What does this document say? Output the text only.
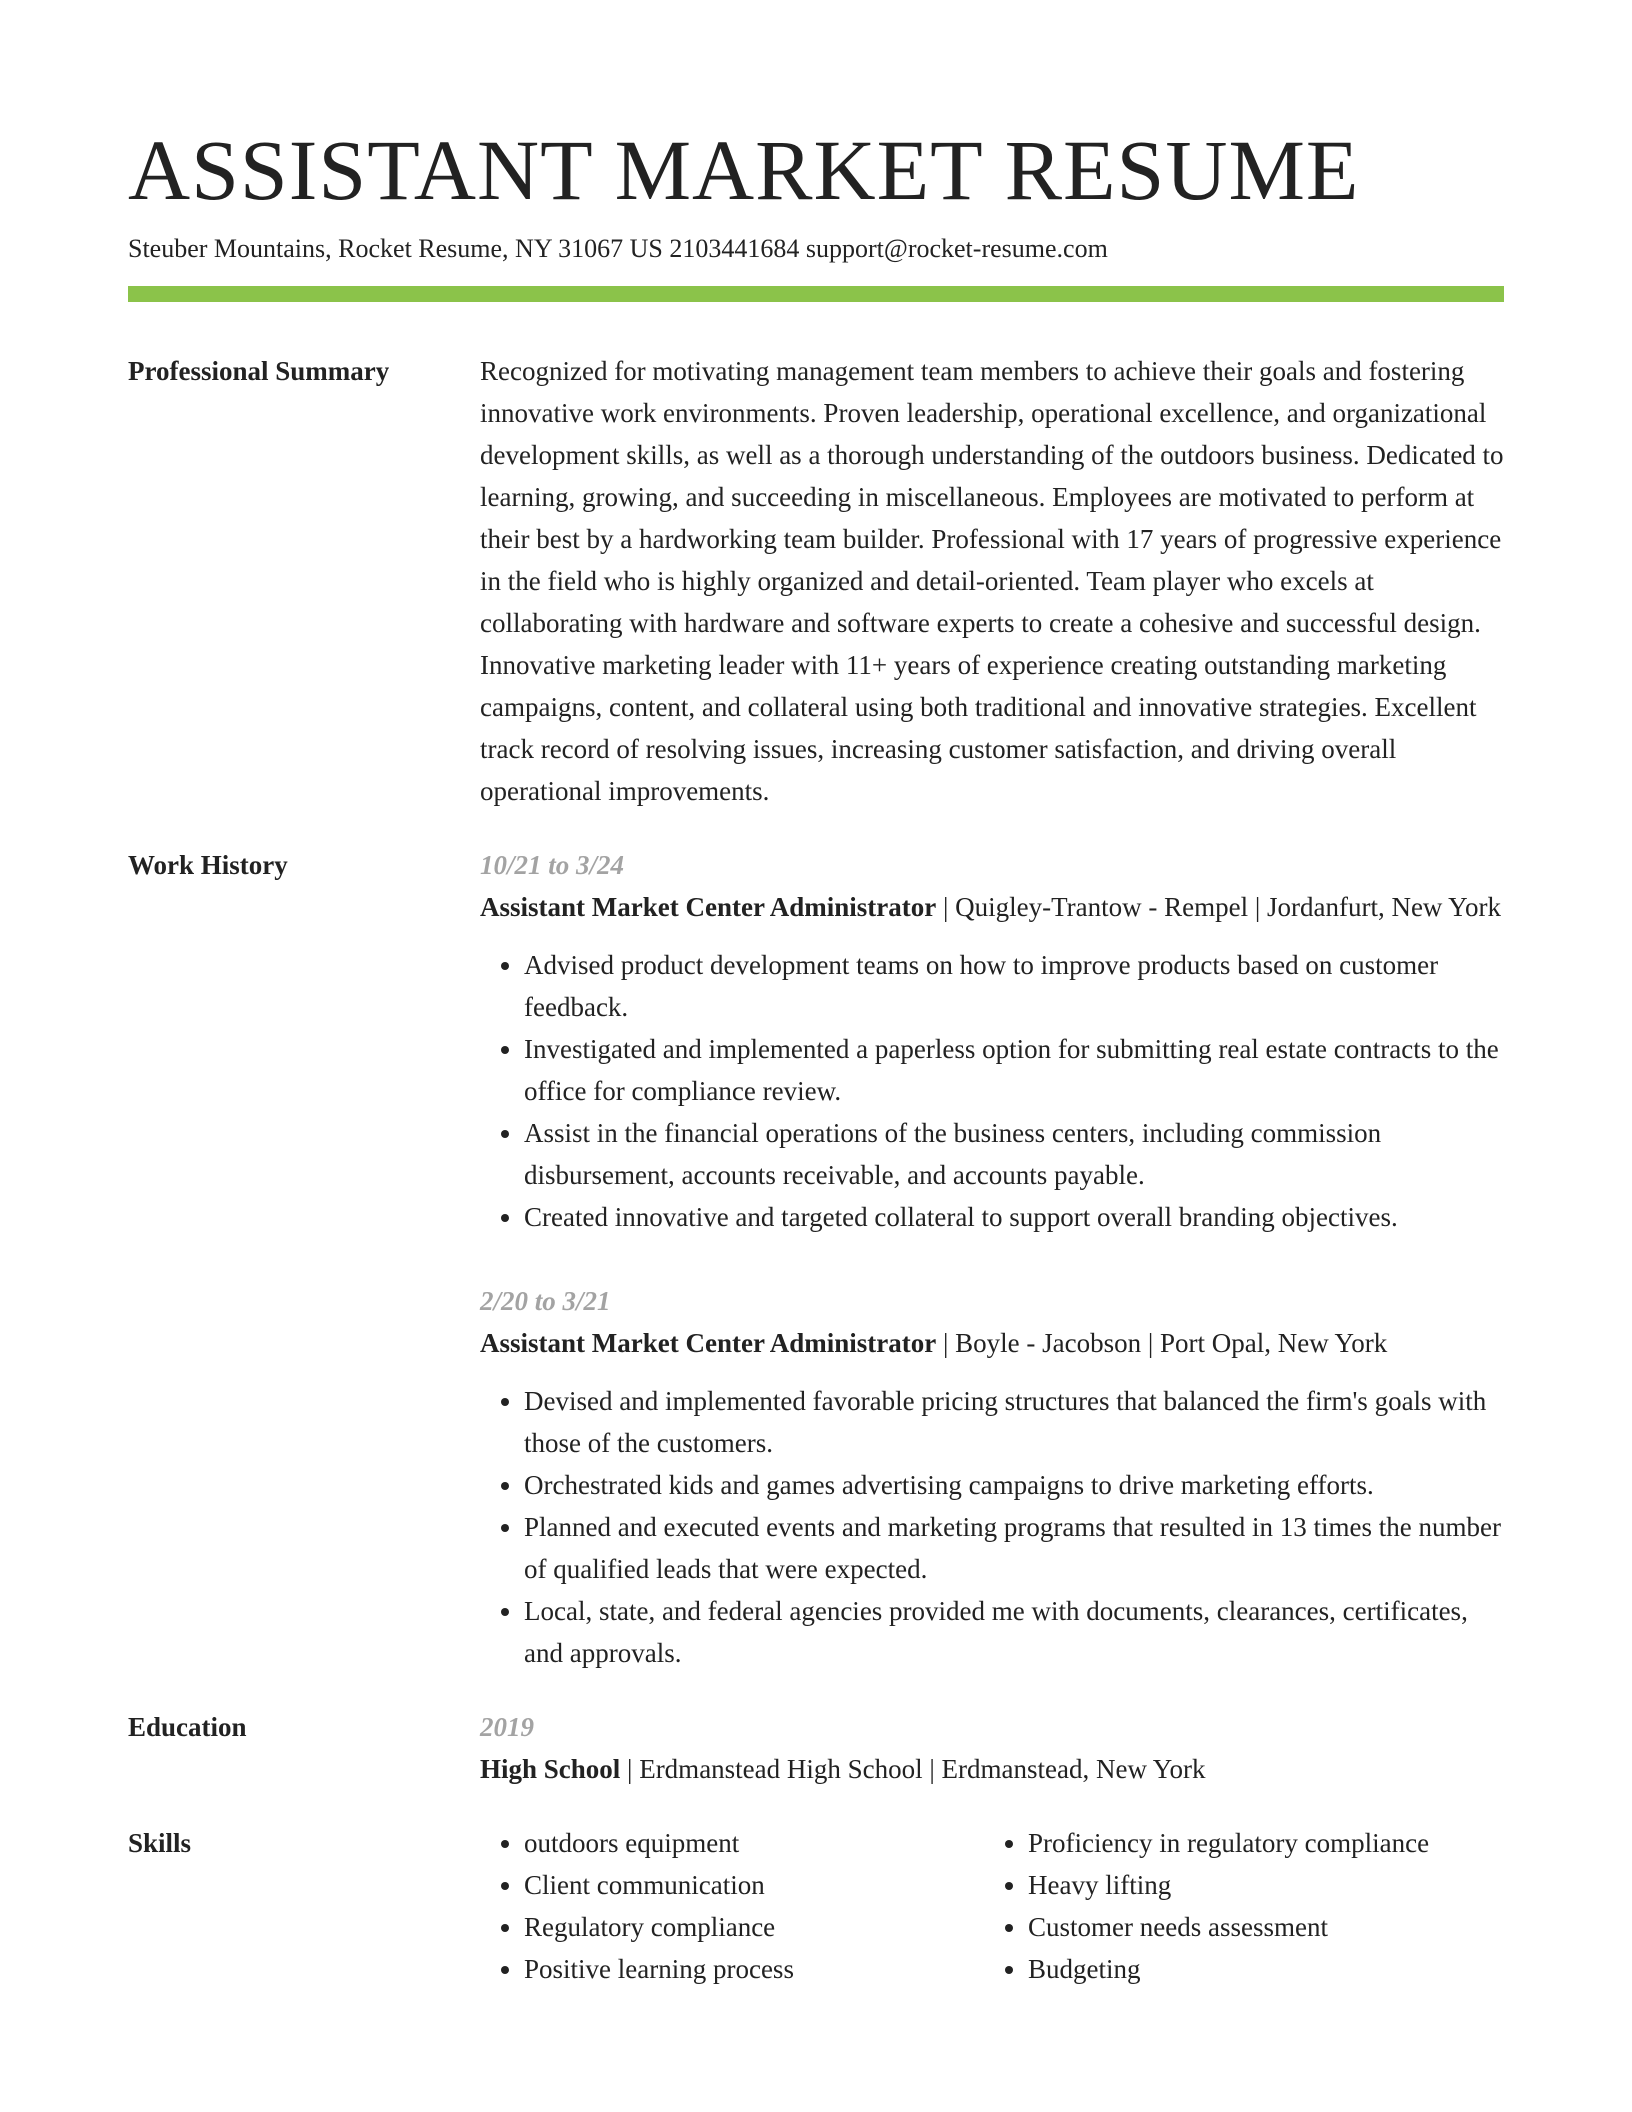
ASSISTANT MARKET RESUME
Steuber Mountains, Rocket Resume, NY 31067 US 2103441684 support@rocket-resume.com
Professional Summary	Recognized for motivating management team members to achieve their goals and fostering innovative work environments. Proven leadership, operational excellence, and organizational development skills, as well as a thorough understanding of the outdoors business. Dedicated to learning, growing, and succeeding in miscellaneous. Employees are motivated to perform at their best by a hardworking team builder. Professional with 17 years of progressive experience in the field who is highly organized and detail-oriented. Team player who excels at collaborating with hardware and software experts to create a cohesive and successful design. Innovative marketing leader with 11+ years of experience creating outstanding marketing campaigns, content, and collateral using both traditional and innovative strategies. Excellent track record of resolving issues, increasing customer satisfaction, and driving overall operational improvements.

Work History	10/21 to 3/24

Assistant Market Center Administrator | Quigley-Trantow - Rempel | Jordanfurt, New York

• Advised product development teams on how to improve products based on customer feedback.
• Investigated and implemented a paperless option for submitting real estate contracts to the office for compliance review.
• Assist in the financial operations of the business centers, including commission disbursement, accounts receivable, and accounts payable.
• Created innovative and targeted collateral to support overall branding objectives.
2/20 to 3/21

Assistant Market Center Administrator | Boyle - Jacobson | Port Opal, New York

• Devised and implemented favorable pricing structures that balanced the firm's goals with those of the customers.
• Orchestrated kids and games advertising campaigns to drive marketing efforts.
• Planned and executed events and marketing programs that resulted in 13 times the number of qualified leads that were expected.
• Local, state, and federal agencies provided me with documents, clearances, certificates, and approvals.
Education	2019

High School | Erdmanstead High School | Erdmanstead, New York

Skills
•	outdoors equipment
• Client communication
• Regulatory compliance
• Positive learning process
• Proficiency in regulatory compliance
• Heavy lifting
• Customer needs assessment
• Budgeting
